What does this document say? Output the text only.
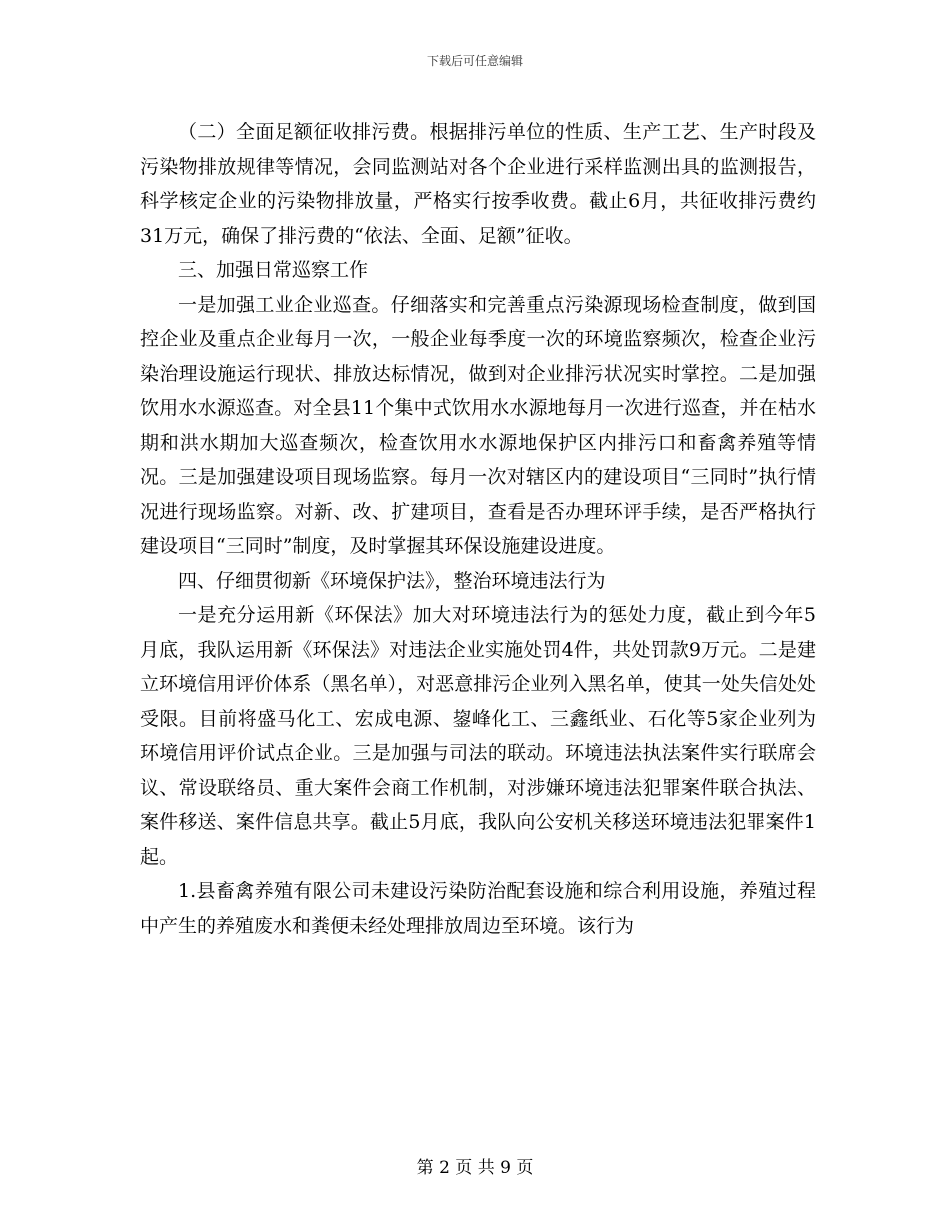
下载后可任意编辑

（二）全面足额征收排污费。根据排污单位的性质、生产工艺、生产时段及污染物排放规律等情况，会同监测站对各个企业进行采样监测出具的监测报告，科学核定企业的污染物排放量，严格实行按季收费。截止6月，共征收排污费约31万元，确保了排污费的“依法、全面、足额”征收。

三、加强日常巡察工作

一是加强工业企业巡查。仔细落实和完善重点污染源现场检查制度，做到国控企业及重点企业每月一次，一般企业每季度一次的环境监察频次，检查企业污染治理设施运行现状、排放达标情况，做到对企业排污状况实时掌控。二是加强饮用水水源巡查。对全县11个集中式饮用水水源地每月一次进行巡查，并在枯水期和洪水期加大巡查频次，检查饮用水水源地保护区内排污口和畜禽养殖等情况。三是加强建设项目现场监察。每月一次对辖区内的建设项目“三同时”执行情况进行现场监察。对新、改、扩建项目，查看是否办理环评手续，是否严格执行建设项目“三同时”制度，及时掌握其环保设施建设进度。

四、仔细贯彻新《环境保护法》，整治环境违法行为

一是充分运用新《环保法》加大对环境违法行为的惩处力度，截止到今年5月底，我队运用新《环保法》对违法企业实施处罚4件，共处罚款9万元。二是建立环境信用评价体系（黑名单），对恶意排污企业列入黑名单，使其一处失信处处受限。目前将盛马化工、宏成电源、鋆峰化工、三鑫纸业、石化等5家企业列为环境信用评价试点企业。三是加强与司法的联动。环境违法执法案件实行联席会议、常设联络员、重大案件会商工作机制，对涉嫌环境违法犯罪案件联合执法、案件移送、案件信息共享。截止5月底，我队向公安机关移送环境违法犯罪案件1起。

1.县畜禽养殖有限公司未建设污染防治配套设施和综合利用设施，养殖过程中产生的养殖废水和粪便未经处理排放周边至环境。该行为

第 2 页 共 9 页
